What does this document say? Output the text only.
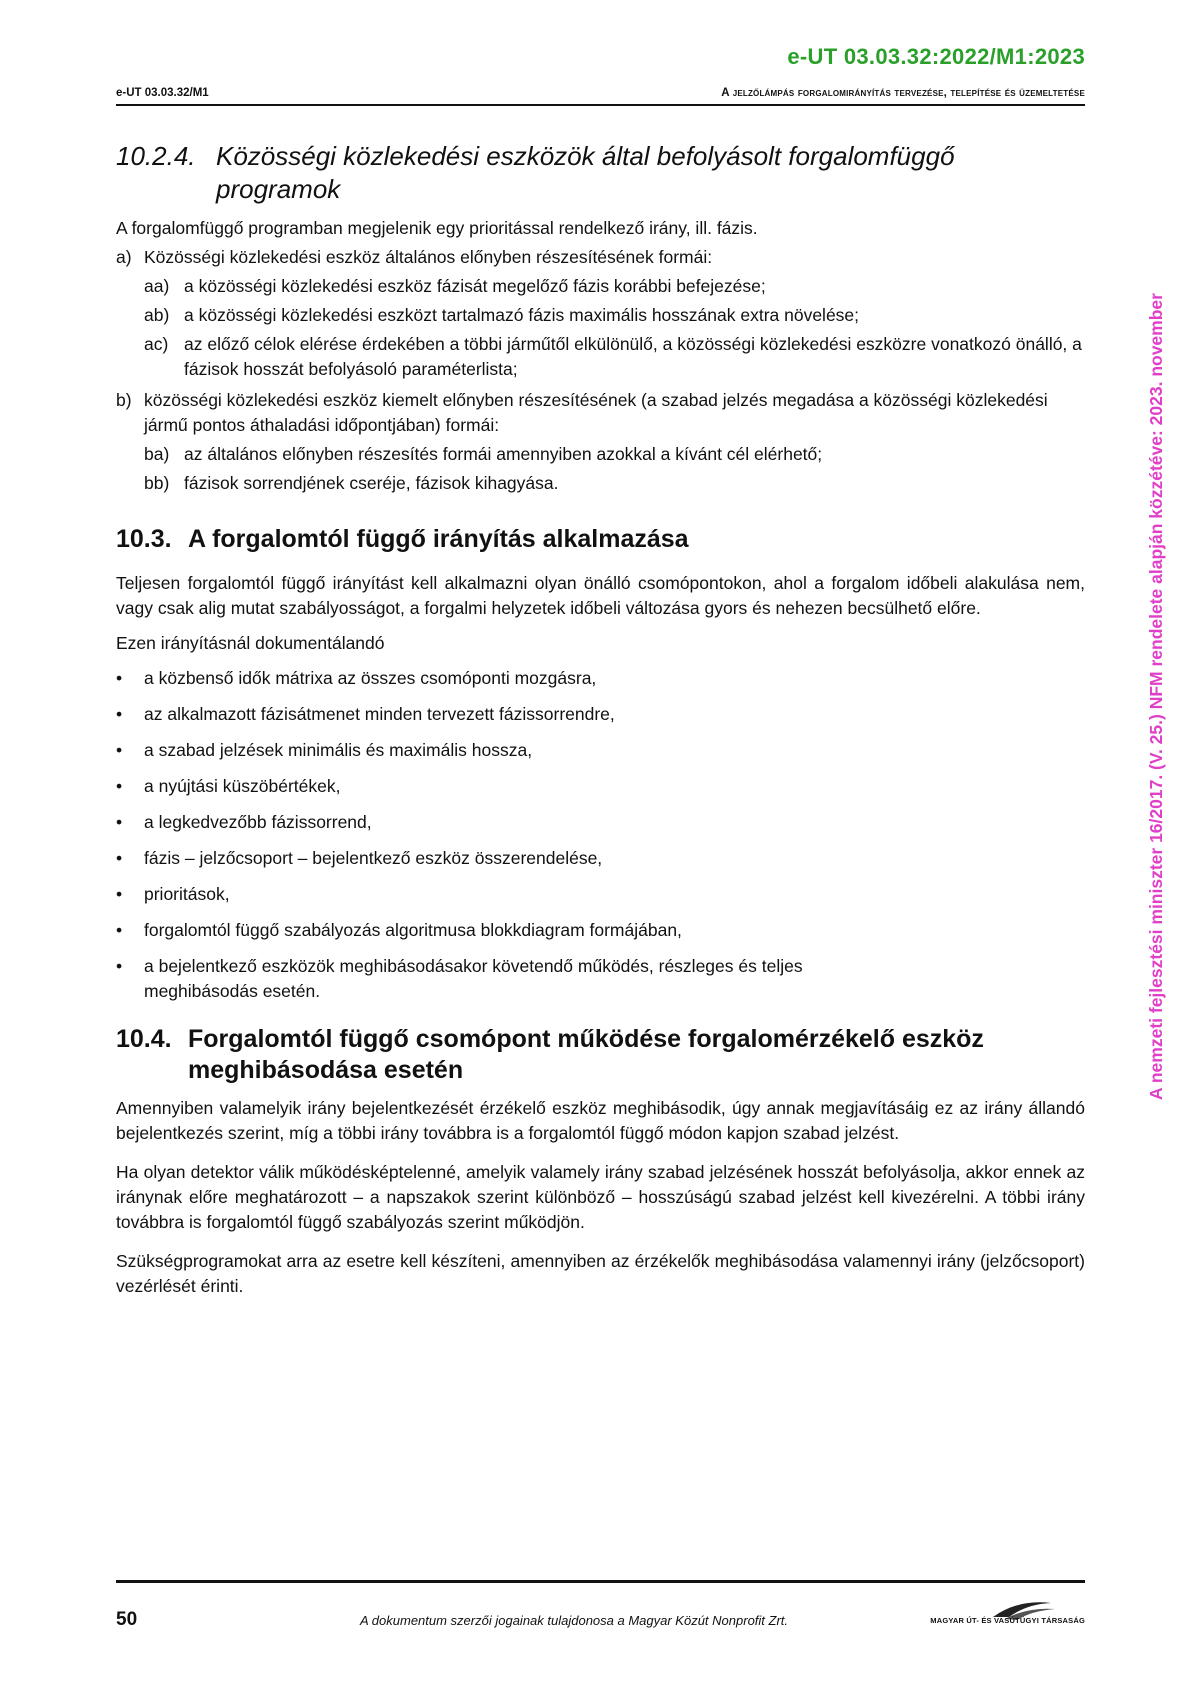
e-UT 03.03.32:2022/M1:2023
e-UT 03.03.32/M1	A jelzőlámpás forgalomirányítás tervezése, telepítése és üzemeltetése
A nemzeti fejlesztési miniszter 16/2017. (V. 25.) NFM rendelete alapján közzétéve: 2023. november
10.2.4. Közösségi közlekedési eszközök által befolyásolt forgalomfüggő programok

A forgalomfüggő programban megjelenik egy prioritással rendelkező irány, ill. fázis.

a) Közösségi közlekedési eszköz általános előnyben részesítésének formái:
aa) a közösségi közlekedési eszköz fázisát megelőző fázis korábbi befejezése;
ab) a közösségi közlekedési eszközt tartalmazó fázis maximális hosszának extra növelése;
ac) az előző célok elérése érdekében a többi járműtől elkülönülő, a közösségi közlekedési eszközre vonatkozó önálló, a fázisok hosszát befolyásoló paraméterlista;
b) közösségi közlekedési eszköz kiemelt előnyben részesítésének (a szabad jelzés megadása a közösségi közlekedési jármű pontos áthaladási időpontjában) formái:
ba) az általános előnyben részesítés formái amennyiben azokkal a kívánt cél elérhető;
bb) fázisok sorrendjének cseréje, fázisok kihagyása.
10.3. A forgalomtól függő irányítás alkalmazása

Teljesen forgalomtól függő irányítást kell alkalmazni olyan önálló csomópontokon, ahol a forgalom időbeli alakulása nem, vagy csak alig mutat szabályosságot, a forgalmi helyzetek időbeli változása gyors és nehezen becsülhető előre.

Ezen irányításnál dokumentálandó

•	a közbenső idők mátrixa az összes csomóponti mozgásra,
•	az alkalmazott fázisátmenet minden tervezett fázissorrendre,
•	a szabad jelzések minimális és maximális hossza,
•	a nyújtási küszöbértékek,
•	a legkedvezőbb fázissorrend,
•	fázis – jelzőcsoport – bejelentkező eszköz összerendelése,
•	prioritások,
•	forgalomtól függő szabályozás algoritmusa blokkdiagram formájában,
•	a bejelentkező eszközök meghibásodásakor követendő működés, részleges és teljes meghibásodás esetén.
10.4. Forgalomtól függő csomópont működése forgalomérzékelő eszköz meghibásodása esetén

Amennyiben valamelyik irány bejelentkezését érzékelő eszköz meghibásodik, úgy annak megjavításáig ez az irány állandó bejelentkezés szerint, míg a többi irány továbbra is a forgalomtól függő módon kapjon szabad jelzést.

Ha olyan detektor válik működésképtelenné, amelyik valamely irány szabad jelzésének hosszát befolyásolja, akkor ennek az iránynak előre meghatározott – a napszakok szerint különböző – hosszúságú szabad jelzést kell kivezérelni. A többi irány továbbra is forgalomtól függő szabályozás szerint működjön.

Szükségprogramokat arra az esetre kell készíteni, amennyiben az érzékelők meghibásodása valamennyi irány (jelzőcsoport) vezérlését érinti.

50	A dokumentum szerzői jogainak tulajdonosa a Magyar Közút Nonprofit Zrt.	MAGYAR ÚT- ÉS VASÚTÜGYI TÁRSASÁG
